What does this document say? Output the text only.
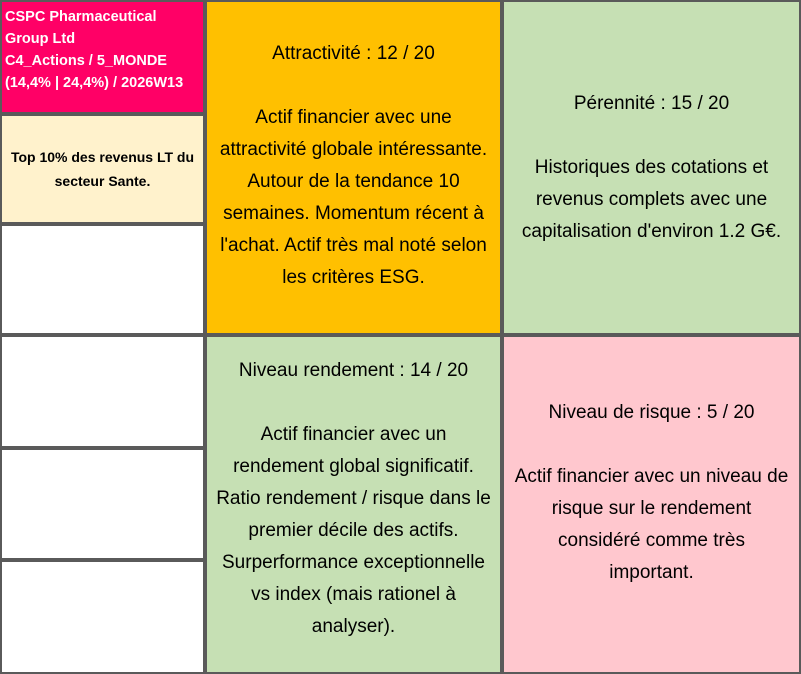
CSPC Pharmaceutical
Group Ltd
C4_Actions / 5_MONDE
(14,4% | 24,4%) / 2026W13
Top 10% des revenus LT du
secteur Sante.
Attractivité : 12 / 20
Actif financier avec une
attractivité globale intéressante.
Autour de la tendance 10
semaines. Momentum récent à
l'achat. Actif très mal noté selon
les critères ESG.
Pérennité : 15 / 20
Historiques des cotations et
revenus complets avec une
capitalisation d'environ 1.2 G€.
Niveau rendement : 14 / 20
Actif financier avec un
rendement global significatif.
Ratio rendement / risque dans le
premier décile des actifs.
Surperformance exceptionnelle
vs index (mais rationel à
analyser).
Niveau de risque : 5 / 20
Actif financier avec un niveau de
risque sur le rendement
considéré comme très
important.
